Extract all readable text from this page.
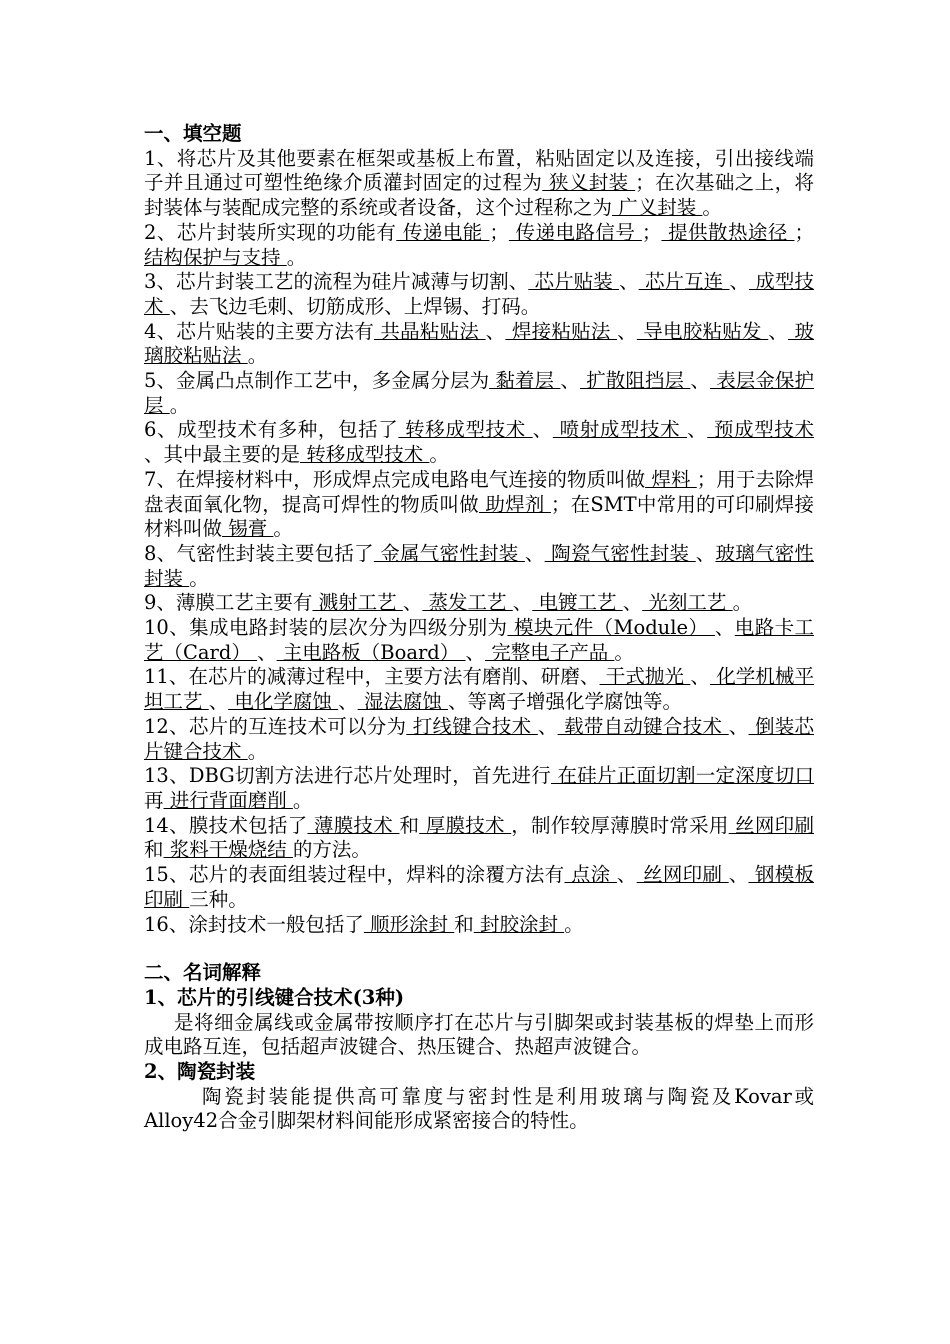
一、填空题
1、将芯片及其他要素在框架或基板上布置，粘贴固定以及连接，引出接线端子并且通过可塑性绝缘介质灌封固定的过程为 狭义封装 ；在次基础之上，将封装体与装配成完整的系统或者设备，这个过程称之为 广义封装 。
2、芯片封装所实现的功能有 传递电能 ； 传递电路信号 ； 提供散热途径 ； 结构保护与支持 。
3、芯片封装工艺的流程为硅片减薄与切割、 芯片贴装 、 芯片互连 、 成型技术 、去飞边毛刺、切筋成形、上焊锡、打码。
4、芯片贴装的主要方法有 共晶粘贴法 、 焊接粘贴法 、 导电胶粘贴发 、 玻璃胶粘贴法 。
5、金属凸点制作工艺中，多金属分层为 黏着层 、 扩散阻挡层 、 表层金保护层 。
6、成型技术有多种，包括了 转移成型技术 、 喷射成型技术 、 预成型技术 、其中最主要的是 转移成型技术 。
7、在焊接材料中，形成焊点完成电路电气连接的物质叫做 焊料 ；用于去除焊盘表面氧化物，提高可焊性的物质叫做 助焊剂 ；在SMT中常用的可印刷焊接材料叫做 锡膏 。
8、气密性封装主要包括了 金属气密性封装 、 陶瓷气密性封装 、玻璃气密性封装 。
9、薄膜工艺主要有 溅射工艺 、 蒸发工艺 、 电镀工艺 、 光刻工艺 。
10、集成电路封装的层次分为四级分别为 模块元件（Module） 、电路卡工艺（Card） 、 主电路板（Board） 、 完整电子产品 。
11、在芯片的减薄过程中，主要方法有磨削、研磨、 干式抛光 、 化学机械平坦工艺 、 电化学腐蚀 、 湿法腐蚀 、等离子增强化学腐蚀等。
12、芯片的互连技术可以分为 打线键合技术 、 载带自动键合技术 、 倒装芯片键合技术 。
13、DBG切割方法进行芯片处理时，首先进行 在硅片正面切割一定深度切口 再 进行背面磨削 。
14、膜技术包括了 薄膜技术 和 厚膜技术 ，制作较厚薄膜时常采用 丝网印刷 和 浆料干燥烧结 的方法。
15、芯片的表面组装过程中，焊料的涂覆方法有 点涂 、 丝网印刷 、 钢模板印刷 三种。
16、涂封技术一般包括了 顺形涂封 和 封胶涂封 。
二、名词解释
1、芯片的引线键合技术(3种)
是将细金属线或金属带按顺序打在芯片与引脚架或封装基板的焊垫上而形成电路互连，包括超声波键合、热压键合、热超声波键合。
2、陶瓷封装
陶瓷封装能提供高可靠度与密封性是利用玻璃与陶瓷及Kovar或Alloy42合金引脚架材料间能形成紧密接合的特性。
